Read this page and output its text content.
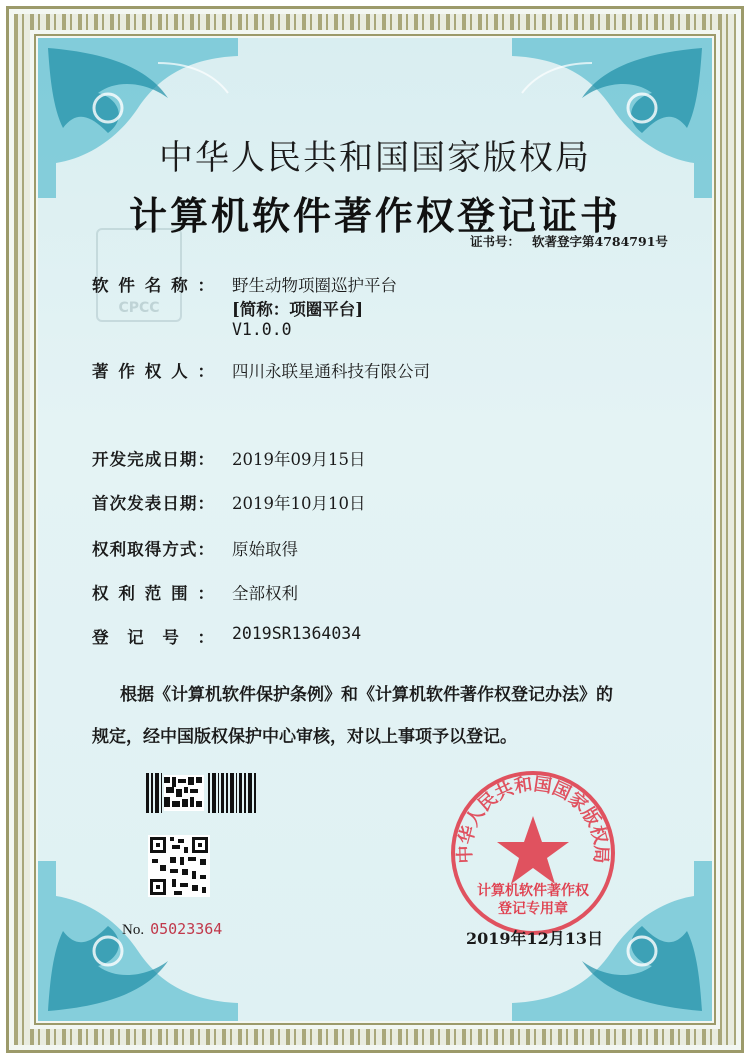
CPCC
中华人民共和国国家版权局
计算机软件著作权登记证书
证书号： 软著登字第4784791号
软件名称： 野生动物项圈巡护平台
[简称：项圈平台]
V1.0.0
著作权人： 四川永联星通科技有限公司
开发完成日期： 2019年09月15日
首次发表日期： 2019年10月10日
权利取得方式： 原始取得
权利范围： 全部权利
登记号： 2019SR1364034
根据《计算机软件保护条例》和《计算机软件著作权登记办法》的
规定，经中国版权保护中心审核，对以上事项予以登记。
No. 05023364
中华人民共和国国家版权局
计算机软件著作权
登记专用章
2019年12月13日
